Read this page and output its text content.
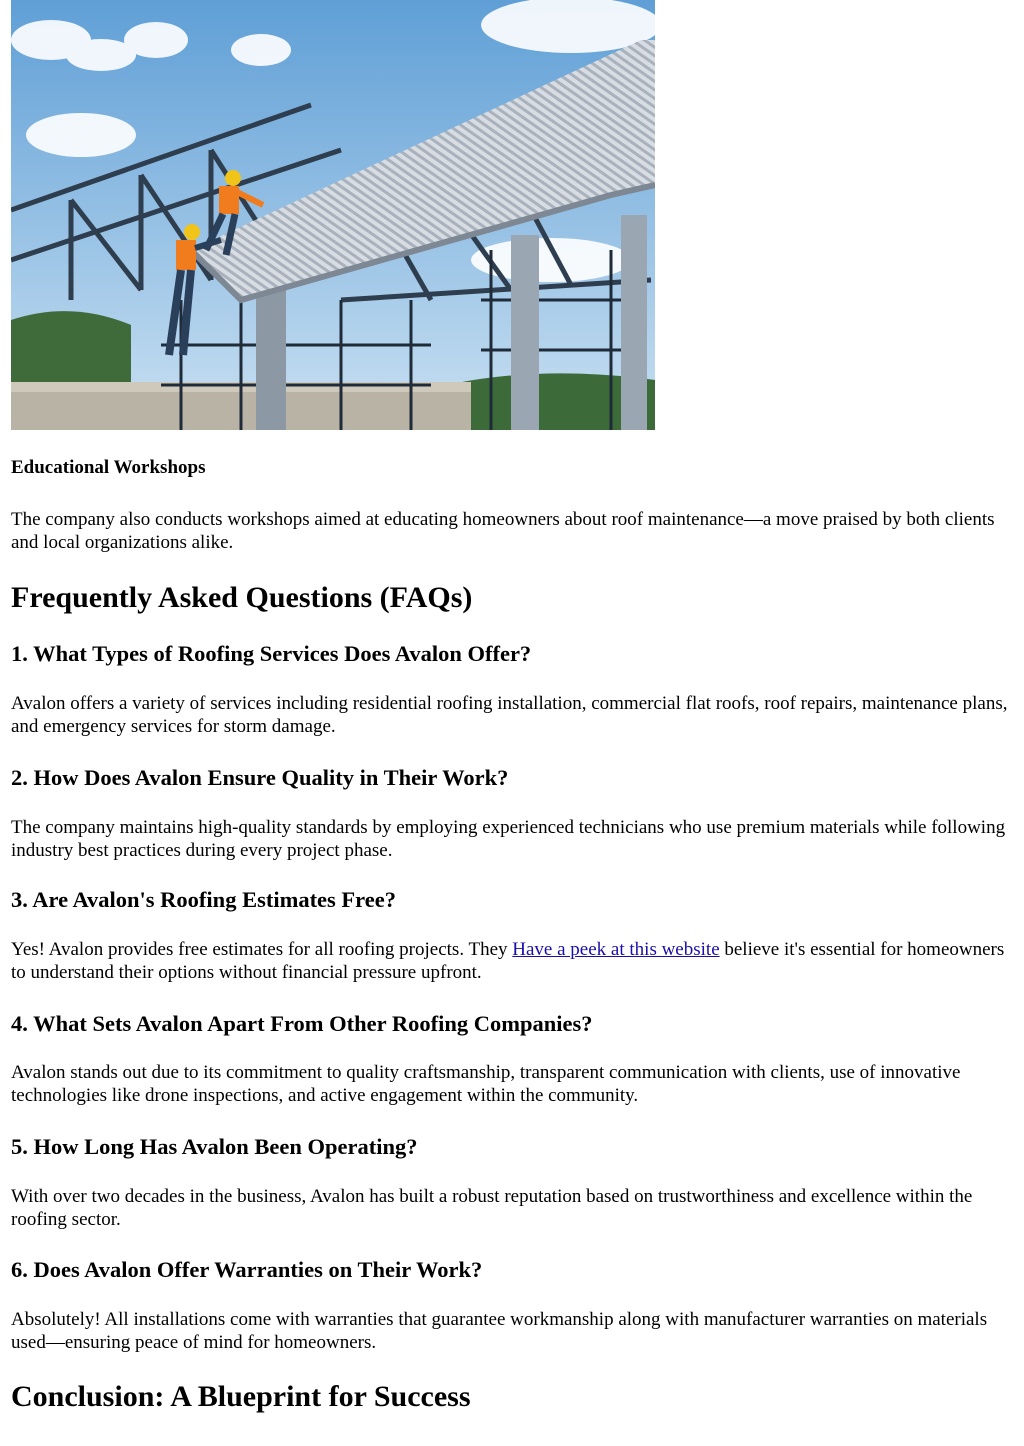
Educational Workshops

The company also conducts workshops aimed at educating homeowners about roof maintenance—a move praised by both clients and local organizations alike.

Frequently Asked Questions (FAQs)
1. What Types of Roofing Services Does Avalon Offer?

Avalon offers a variety of services including residential roofing installation, commercial flat roofs, roof repairs, maintenance plans, and emergency services for storm damage.

2. How Does Avalon Ensure Quality in Their Work?

The company maintains high-quality standards by employing experienced technicians who use premium materials while following industry best practices during every project phase.

3. Are Avalon's Roofing Estimates Free?

Yes! Avalon provides free estimates for all roofing projects. They Have a peek at this website believe it's essential for homeowners to understand their options without financial pressure upfront.

4. What Sets Avalon Apart From Other Roofing Companies?

Avalon stands out due to its commitment to quality craftsmanship, transparent communication with clients, use of innovative technologies like drone inspections, and active engagement within the community.

5. How Long Has Avalon Been Operating?

With over two decades in the business, Avalon has built a robust reputation based on trustworthiness and excellence within the roofing sector.

6. Does Avalon Offer Warranties on Their Work?

Absolutely! All installations come with warranties that guarantee workmanship along with manufacturer warranties on materials used—ensuring peace of mind for homeowners.

Conclusion: A Blueprint for Success
